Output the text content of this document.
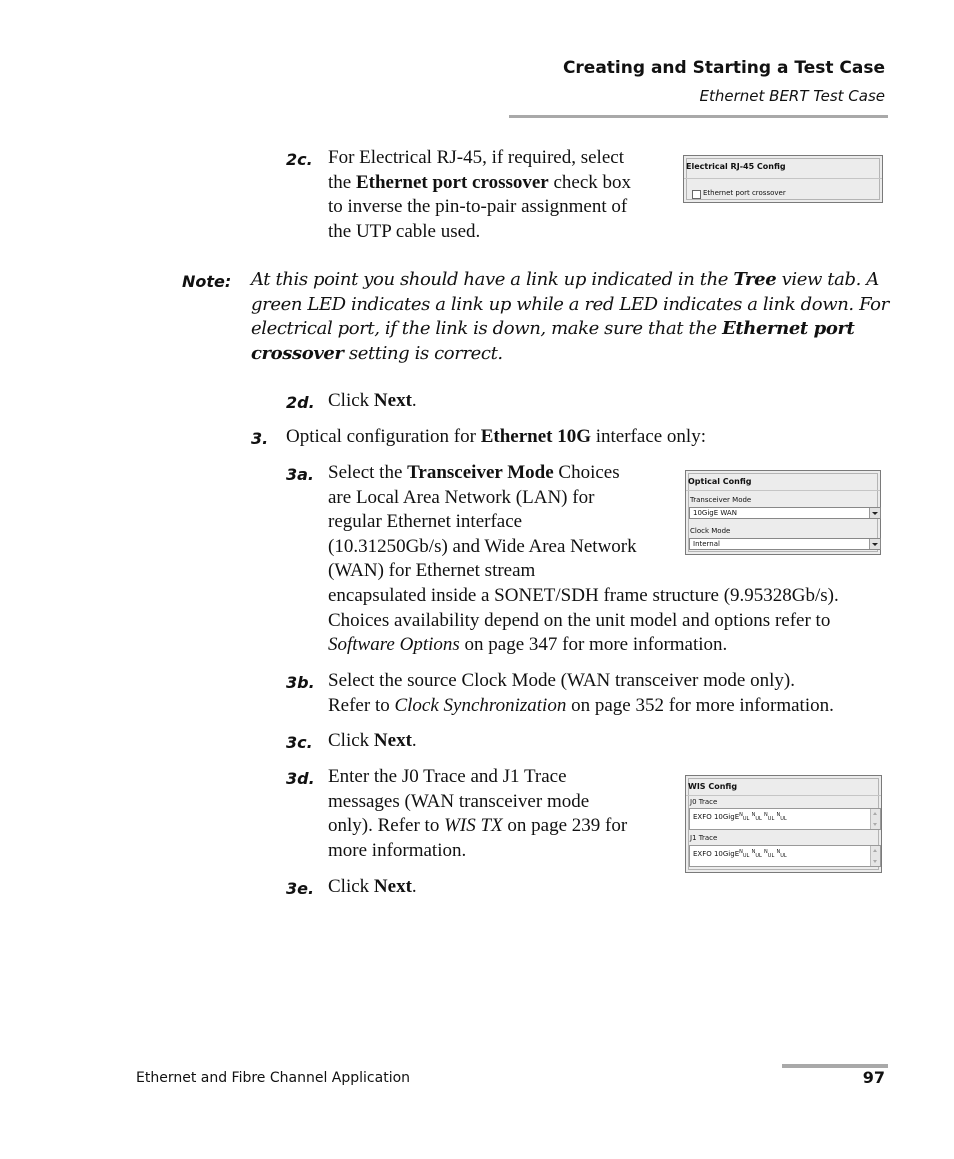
Creating and Starting a Test Case
Ethernet BERT Test Case
2c. For Electrical RJ-45, if required, select
the Ethernet port crossover check box
to inverse the pin-to-pair assignment of
the UTP cable used.
Electrical RJ-45 Config
Ethernet port crossover
Note: At this point you should have a link up indicated in the Tree view tab. A
green LED indicates a link up while a red LED indicates a link down. For
electrical port, if the link is down, make sure that the Ethernet port
crossover setting is correct.
2d. Click Next.
3. Optical configuration for Ethernet 10G interface only:
3a. Select the Transceiver Mode Choices
are Local Area Network (LAN) for
regular Ethernet interface
(10.31250Gb/s) and Wide Area Network
(WAN) for Ethernet stream
encapsulated inside a SONET/SDH frame structure (9.95328Gb/s).
Choices availability depend on the unit model and options refer to
Software Options on page 347 for more information.
Optical Config
Transceiver Mode
10GigE WAN
Clock Mode
Internal
3b. Select the source Clock Mode (WAN transceiver mode only).
Refer to Clock Synchronization on page 352 for more information.
3c. Click Next.
3d. Enter the J0 Trace and J1 Trace
messages (WAN transceiver mode
only). Refer to WIS TX on page 239 for
more information.
WIS Config
J0 Trace
EXFO 10GigE$^N_{UL}$ $^N_{UL}$ $^N_{UL}$ $^N_{UL}$
J1 Trace
EXFO 10GigE$^N_{UL}$ $^N_{UL}$ $^N_{UL}$ $^N_{UL}$
3e. Click Next.
Ethernet and Fibre Channel Application	97
